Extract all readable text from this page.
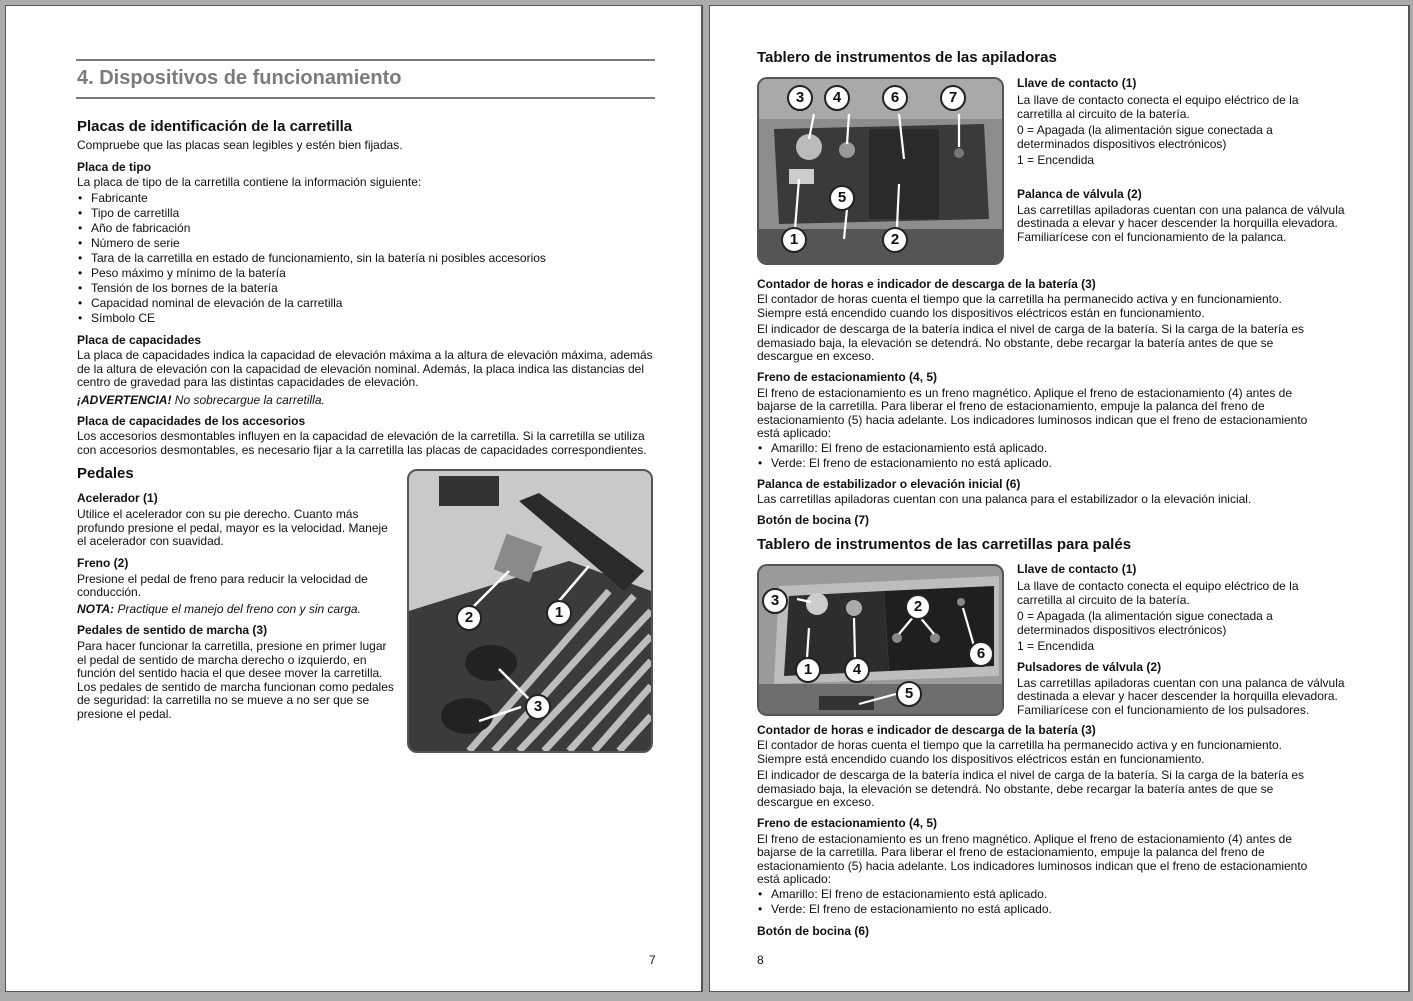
4. Dispositivos de funcionamiento
Placas de identificación de la carretilla
Compruebe que las placas sean legibles y estén bien fijadas.
Placa de tipo
La placa de tipo de la carretilla contiene la información siguiente:
• Fabricante
• Tipo de carretilla
• Año de fabricación
• Número de serie
• Tara de la carretilla en estado de funcionamiento, sin la batería ni posibles accesorios
• Peso máximo y mínimo de la batería
• Tensión de los bornes de la batería
• Capacidad nominal de elevación de la carretilla
• Símbolo CE
Placa de capacidades
La placa de capacidades indica la capacidad de elevación máxima a la altura de elevación máxima, además de la altura de elevación con la capacidad de elevación nominal. Además, la placa indica las distancias del centro de gravedad para las distintas capacidades de elevación.
¡ADVERTENCIA! No sobrecargue la carretilla.
Placa de capacidades de los accesorios
Los accesorios desmontables influyen en la capacidad de elevación de la carretilla. Si la carretilla se utiliza con accesorios desmontables, es necesario fijar a la carretilla las placas de capacidades correspondientes.
Pedales
Acelerador (1)
Utilice el acelerador con su pie derecho. Cuanto más profundo presione el pedal, mayor es la velocidad. Maneje el acelerador con suavidad.
Freno (2)
Presione el pedal de freno para reducir la velocidad de conducción.
NOTA: Practique el manejo del freno con y sin carga.
Pedales de sentido de marcha (3)
Para hacer funcionar la carretilla, presione en primer lugar el pedal de sentido de marcha derecho o izquierdo, en función del sentido hacia el que desee mover la carretilla. Los pedales de sentido de marcha funcionan como pedales de seguridad: la carretilla no se mueve a no ser que se presione el pedal.
2	1
3
7
Tablero de instrumentos de las apiladoras
3	4	6	7
5
1	2
Llave de contacto (1)
La llave de contacto conecta el equipo eléctrico de la carretilla al circuito de la batería.
0 = Apagada (la alimentación sigue conectada a determinados dispositivos electrónicos)
1 = Encendida
Palanca de válvula (2)
Las carretillas apiladoras cuentan con una palanca de válvula destinada a elevar y hacer descender la horquilla elevadora. Familiarícese con el funcionamiento de la palanca.
Contador de horas e indicador de descarga de la batería (3)
El contador de horas cuenta el tiempo que la carretilla ha permanecido activa y en funcionamiento. Siempre está encendido cuando los dispositivos eléctricos están en funcionamiento.
El indicador de descarga de la batería indica el nivel de carga de la batería. Si la carga de la batería es demasiado baja, la elevación se detendrá. No obstante, debe recargar la batería antes de que se descargue en exceso.
Freno de estacionamiento (4, 5)
El freno de estacionamiento es un freno magnético. Aplique el freno de estacionamiento (4) antes de bajarse de la carretilla. Para liberar el freno de estacionamiento, empuje la palanca del freno de estacionamiento (5) hacia adelante. Los indicadores luminosos indican que el freno de estacionamiento está aplicado:
• Amarillo: El freno de estacionamiento está aplicado.
• Verde: El freno de estacionamiento no está aplicado.
Palanca de estabilizador o elevación inicial (6)
Las carretillas apiladoras cuentan con una palanca para el estabilizador o la elevación inicial.
Botón de bocina (7)
Tablero de instrumentos de las carretillas para palés
3	2
6
1	4
5
Llave de contacto (1)
La llave de contacto conecta el equipo eléctrico de la carretilla al circuito de la batería.
0 = Apagada (la alimentación sigue conectada a determinados dispositivos electrónicos)
1 = Encendida
Pulsadores de válvula (2)
Las carretillas apiladoras cuentan con una palanca de válvula destinada a elevar y hacer descender la horquilla elevadora. Familiarícese con el funcionamiento de los pulsadores.
Contador de horas e indicador de descarga de la batería (3)
El contador de horas cuenta el tiempo que la carretilla ha permanecido activa y en funcionamiento. Siempre está encendido cuando los dispositivos eléctricos están en funcionamiento.
El indicador de descarga de la batería indica el nivel de carga de la batería. Si la carga de la batería es demasiado baja, la elevación se detendrá. No obstante, debe recargar la batería antes de que se descargue en exceso.
Freno de estacionamiento (4, 5)
El freno de estacionamiento es un freno magnético. Aplique el freno de estacionamiento (4) antes de bajarse de la carretilla. Para liberar el freno de estacionamiento, empuje la palanca del freno de estacionamiento (5) hacia adelante. Los indicadores luminosos indican que el freno de estacionamiento está aplicado:
• Amarillo: El freno de estacionamiento está aplicado.
• Verde: El freno de estacionamiento no está aplicado.
Botón de bocina (6)
8
